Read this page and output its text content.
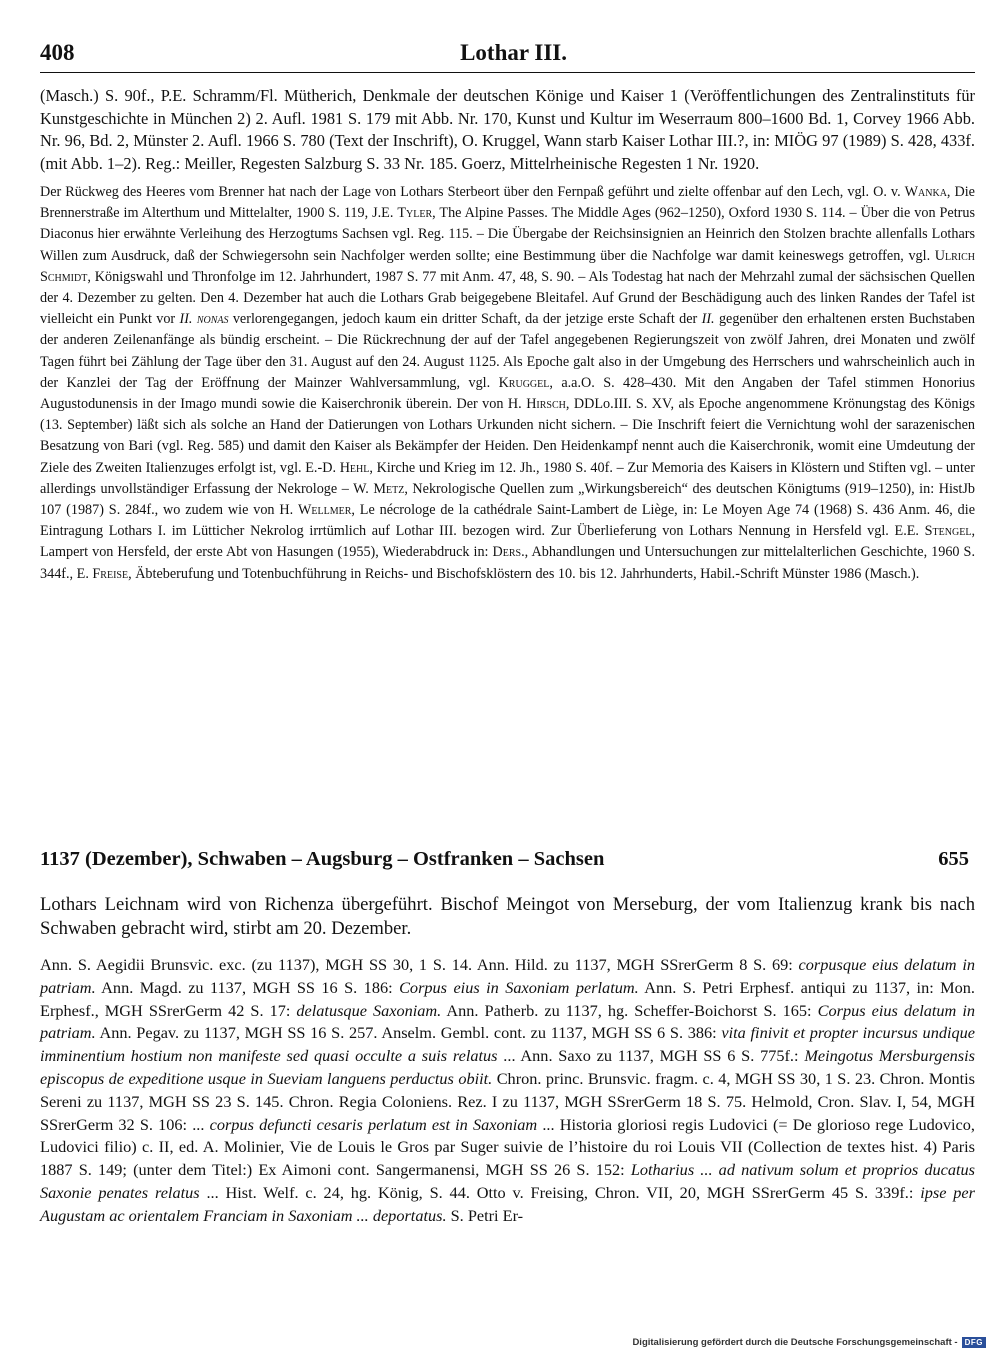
408	Lothar III.
(Masch.) S. 90f., P.E. Schramm/Fl. Mütherich, Denkmale der deutschen Könige und Kaiser 1 (Veröffentlichungen des Zentralinstituts für Kunstgeschichte in München 2) 2. Aufl. 1981 S. 179 mit Abb. Nr. 170, Kunst und Kultur im Weserraum 800–1600 Bd. 1, Corvey 1966 Abb. Nr. 96, Bd. 2, Münster 2. Aufl. 1966 S. 780 (Text der Inschrift), O. Kruggel, Wann starb Kaiser Lothar III.?, in: MIÖG 97 (1989) S. 428, 433f. (mit Abb. 1–2). Reg.: Meiller, Regesten Salzburg S. 33 Nr. 185. Goerz, Mittelrheinische Regesten 1 Nr. 1920.
Der Rückweg des Heeres vom Brenner hat nach der Lage von Lothars Sterbeort über den Fernpaß geführt und zielte offenbar auf den Lech, vgl. O. v. Wanka, Die Brennerstraße im Alterthum und Mittelalter, 1900 S. 119, J.E. Tyler, The Alpine Passes. The Middle Ages (962–1250), Oxford 1930 S. 114. – Über die von Petrus Diaconus hier erwähnte Verleihung des Herzogtums Sachsen vgl. Reg. 115. – Die Übergabe der Reichsinsignien an Heinrich den Stolzen brachte allenfalls Lothars Willen zum Ausdruck, daß der Schwiegersohn sein Nachfolger werden sollte; eine Bestimmung über die Nachfolge war damit keineswegs getroffen, vgl. Ulrich Schmidt, Königswahl und Thronfolge im 12. Jahrhundert, 1987 S. 77 mit Anm. 47, 48, S. 90. – Als Todestag hat nach der Mehrzahl zumal der sächsischen Quellen der 4. Dezember zu gelten. Den 4. Dezember hat auch die Lothars Grab beigegebene Bleitafel. Auf Grund der Beschädigung auch des linken Randes der Tafel ist vielleicht ein Punkt vor II. nonas verlorengegangen, jedoch kaum ein dritter Schaft, da der jetzige erste Schaft der II. gegenüber den erhaltenen ersten Buchstaben der anderen Zeilenanfänge als bündig erscheint. – Die Rückrechnung der auf der Tafel angegebenen Regierungszeit von zwölf Jahren, drei Monaten und zwölf Tagen führt bei Zählung der Tage über den 31. August auf den 24. August 1125. Als Epoche galt also in der Umgebung des Herrschers und wahrscheinlich auch in der Kanzlei der Tag der Eröffnung der Mainzer Wahlversammlung, vgl. Kruggel, a.a.O. S. 428–430. Mit den Angaben der Tafel stimmen Honorius Augustodunensis in der Imago mundi sowie die Kaiserchronik überein. Der von H. Hirsch, DDLo.III. S. XV, als Epoche angenommene Krönungstag des Königs (13. September) läßt sich als solche an Hand der Datierungen von Lothars Urkunden nicht sichern. – Die Inschrift feiert die Vernichtung wohl der sarazenischen Besatzung von Bari (vgl. Reg. 585) und damit den Kaiser als Bekämpfer der Heiden. Den Heidenkampf nennt auch die Kaiserchronik, womit eine Umdeutung der Ziele des Zweiten Italienzuges erfolgt ist, vgl. E.-D. Hehl, Kirche und Krieg im 12. Jh., 1980 S. 40f. – Zur Memoria des Kaisers in Klöstern und Stiften vgl. – unter allerdings unvollständiger Erfassung der Nekrologe – W. Metz, Nekrologische Quellen zum „Wirkungsbereich“ des deutschen Königtums (919–1250), in: HistJb 107 (1987) S. 284f., wo zudem wie von H. Wellmer, Le nécrologe de la cathédrale Saint-Lambert de Liège, in: Le Moyen Age 74 (1968) S. 436 Anm. 46, die Eintragung Lothars I. im Lütticher Nekrolog irrtümlich auf Lothar III. bezogen wird. Zur Überlieferung von Lothars Nennung in Hersfeld vgl. E.E. Stengel, Lampert von Hersfeld, der erste Abt von Hasungen (1955), Wiederabdruck in: Ders., Abhandlungen und Untersuchungen zur mittelalterlichen Geschichte, 1960 S. 344f., E. Freise, Äbteberufung und Totenbuchführung in Reichs- und Bischofsklöstern des 10. bis 12. Jahrhunderts, Habil.-Schrift Münster 1986 (Masch.).
1137 (Dezember), Schwaben – Augsburg – Ostfranken – Sachsen	655
Lothars Leichnam wird von Richenza übergeführt. Bischof Meingot von Merseburg, der vom Italienzug krank bis nach Schwaben gebracht wird, stirbt am 20. Dezember.
Ann. S. Aegidii Brunsvic. exc. (zu 1137), MGH SS 30, 1 S. 14. Ann. Hild. zu 1137, MGH SSrerGerm 8 S. 69: corpusque eius delatum in patriam. Ann. Magd. zu 1137, MGH SS 16 S. 186: Corpus eius in Saxoniam perlatum. Ann. S. Petri Erphesf. antiqui zu 1137, in: Mon. Erphesf., MGH SSrerGerm 42 S. 17: delatusque Saxoniam. Ann. Patherb. zu 1137, hg. Scheffer-Boichorst S. 165: Corpus eius delatum in patriam. Ann. Pegav. zu 1137, MGH SS 16 S. 257. Anselm. Gembl. cont. zu 1137, MGH SS 6 S. 386: vita finivit et propter incursus undique imminentium hostium non manifeste sed quasi occulte a suis relatus ... Ann. Saxo zu 1137, MGH SS 6 S. 775f.: Meingotus Mersburgensis episcopus de expeditione usque in Sueviam languens perductus obiit. Chron. princ. Brunsvic. fragm. c. 4, MGH SS 30, 1 S. 23. Chron. Montis Sereni zu 1137, MGH SS 23 S. 145. Chron. Regia Coloniens. Rez. I zu 1137, MGH SSrerGerm 18 S. 75. Helmold, Cron. Slav. I, 54, MGH SSrerGerm 32 S. 106: ... corpus defuncti cesaris perlatum est in Saxoniam ... Historia gloriosi regis Ludovici (= De glorioso rege Ludovico, Ludovici filio) c. II, ed. A. Molinier, Vie de Louis le Gros par Suger suivie de l’histoire du roi Louis VII (Collection de textes hist. 4) Paris 1887 S. 149; (unter dem Titel:) Ex Aimoni cont. Sangermanensi, MGH SS 26 S. 152: Lotharius ... ad nativum solum et proprios ducatus Saxonie penates relatus ... Hist. Welf. c. 24, hg. König, S. 44. Otto v. Freising, Chron. VII, 20, MGH SSrerGerm 45 S. 339f.: ipse per Augustam ac orientalem Franciam in Saxoniam ... deportatus. S. Petri Er-
Digitalisierung gefördert durch die Deutsche Forschungsgemeinschaft - DFG
